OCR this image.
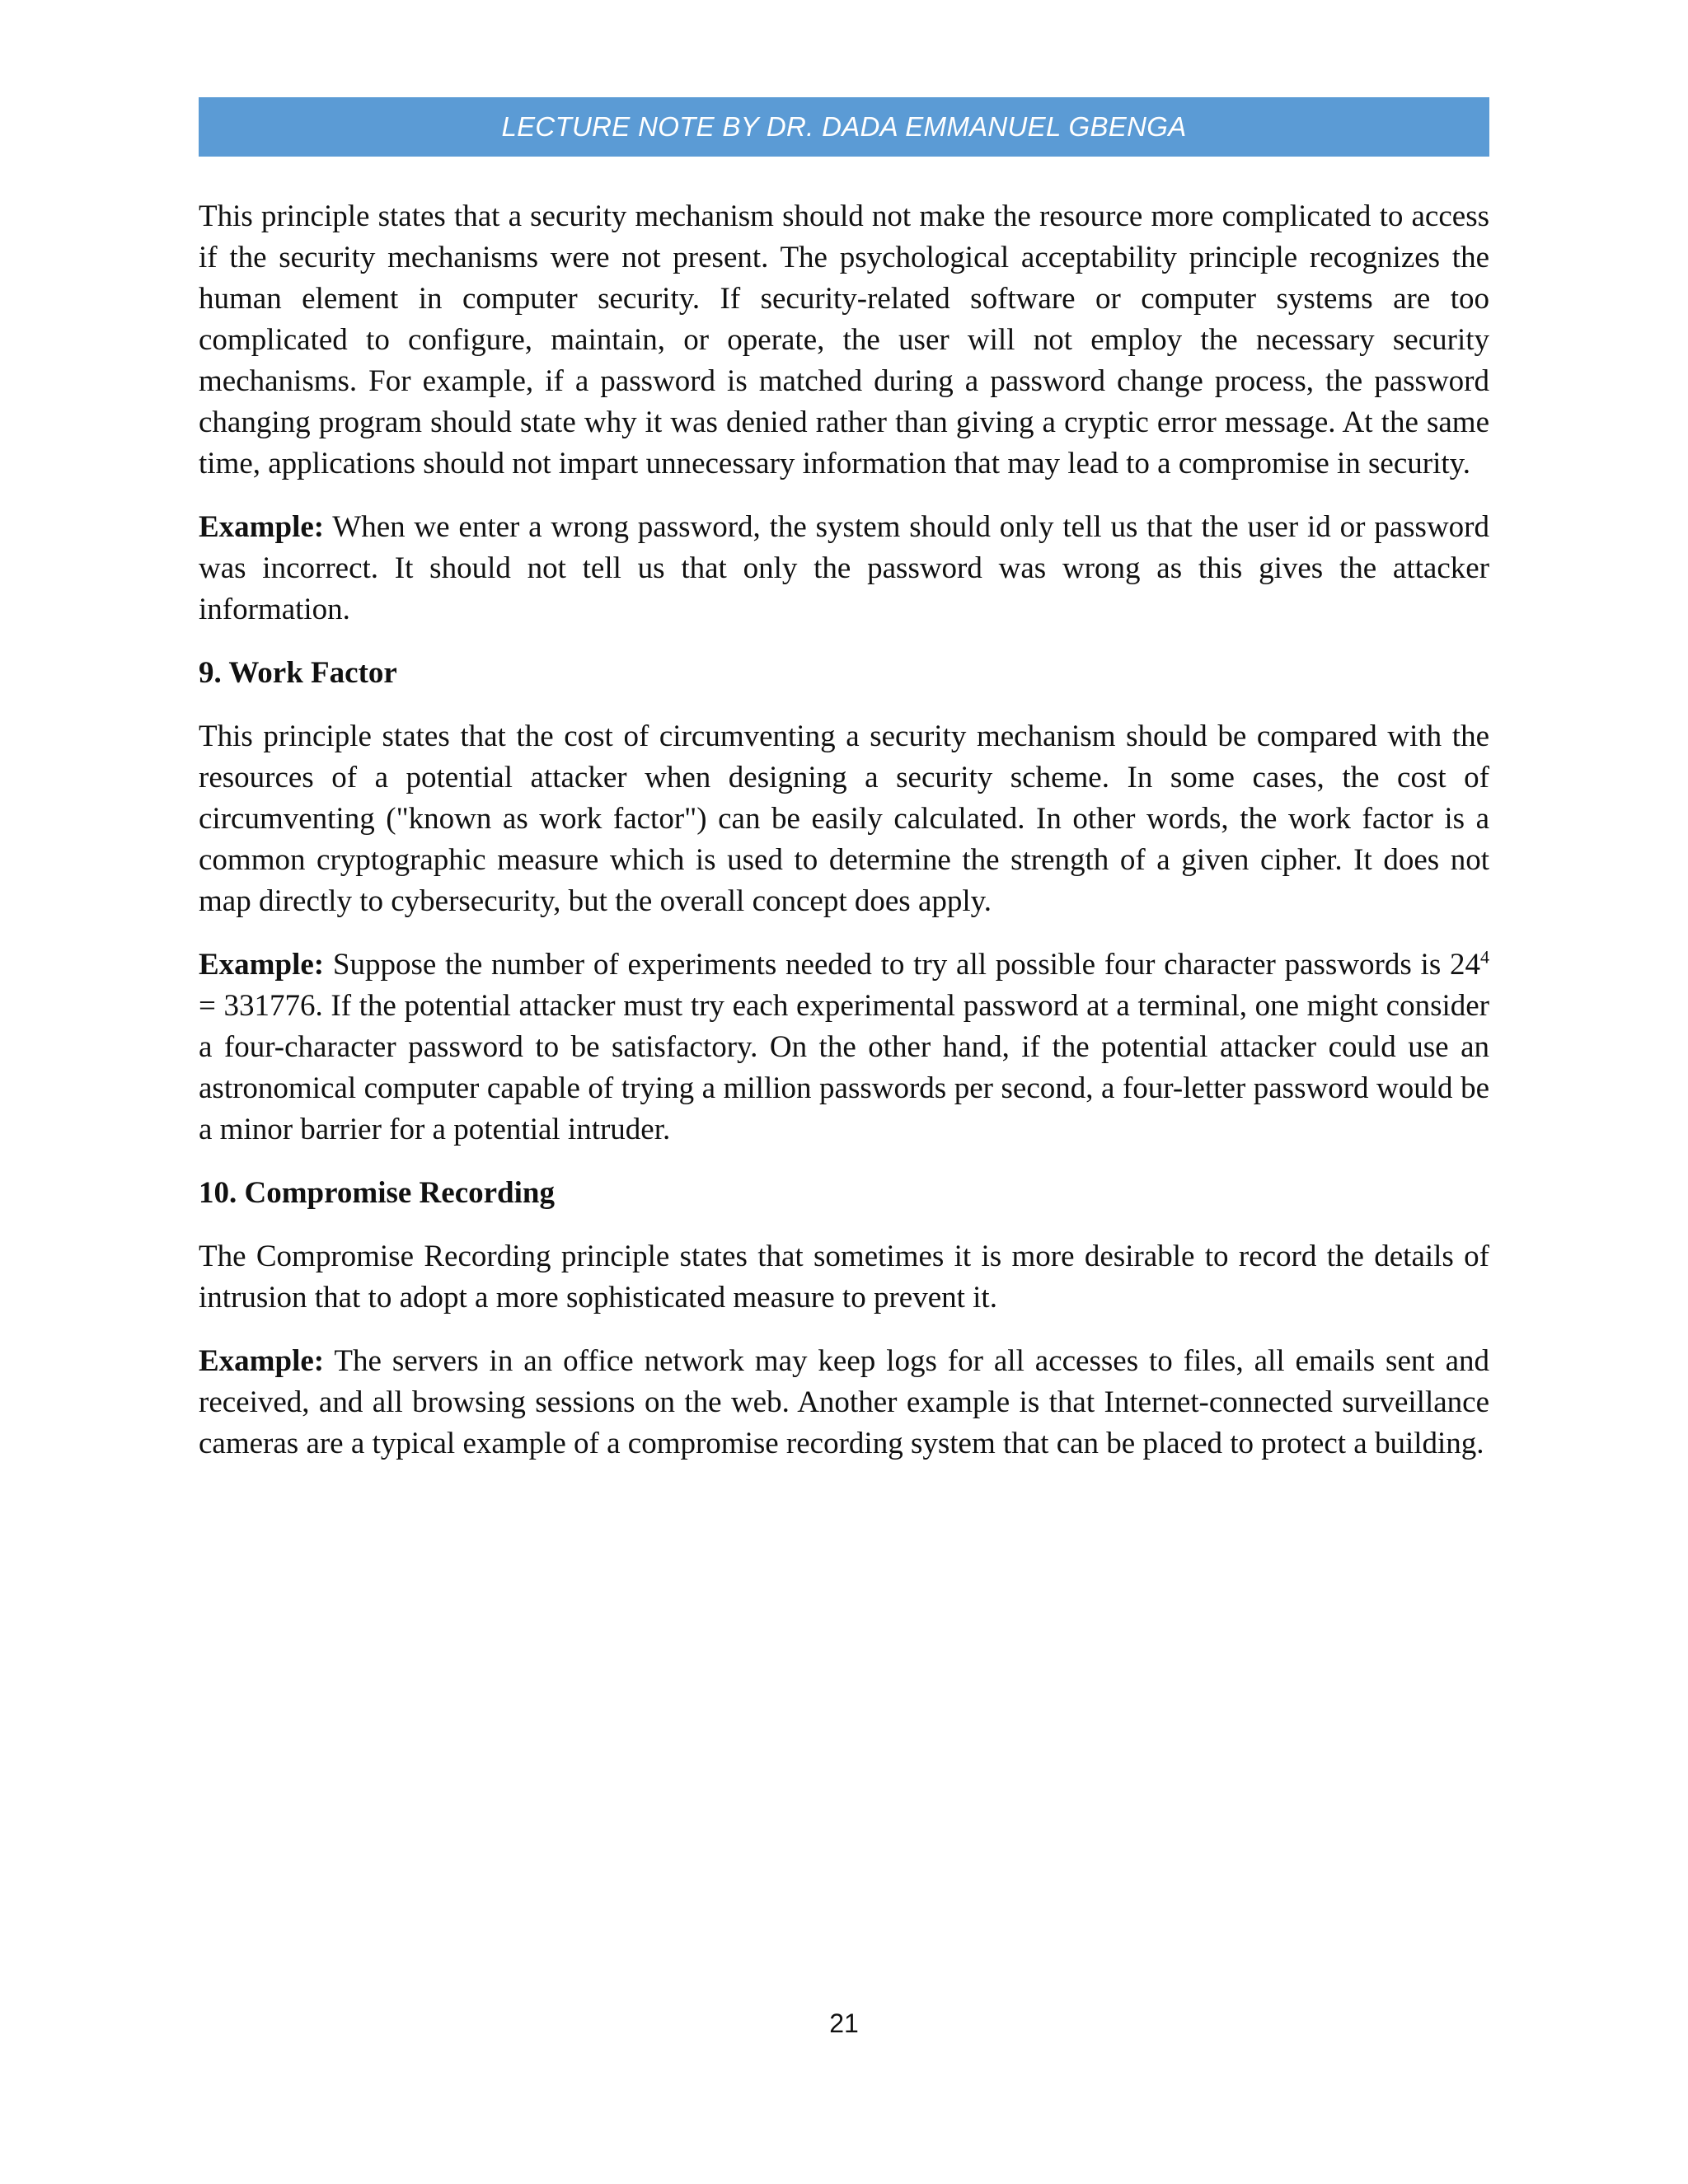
LECTURE NOTE BY DR. DADA EMMANUEL GBENGA

This principle states that a security mechanism should not make the resource more complicated to access if the security mechanisms were not present. The psychological acceptability principle recognizes the human element in computer security. If security-related software or computer systems are too complicated to configure, maintain, or operate, the user will not employ the necessary security mechanisms. For example, if a password is matched during a password change process, the password changing program should state why it was denied rather than giving a cryptic error message. At the same time, applications should not impart unnecessary information that may lead to a compromise in security.

Example: When we enter a wrong password, the system should only tell us that the user id or password was incorrect. It should not tell us that only the password was wrong as this gives the attacker information.

9. Work Factor

This principle states that the cost of circumventing a security mechanism should be compared with the resources of a potential attacker when designing a security scheme. In some cases, the cost of circumventing ("known as work factor") can be easily calculated. In other words, the work factor is a common cryptographic measure which is used to determine the strength of a given cipher. It does not map directly to cybersecurity, but the overall concept does apply.

Example: Suppose the number of experiments needed to try all possible four character passwords is $24^4 = 331776$. If the potential attacker must try each experimental password at a terminal, one might consider a four-character password to be satisfactory. On the other hand, if the potential attacker could use an astronomical computer capable of trying a million passwords per second, a four-letter password would be a minor barrier for a potential intruder.

10. Compromise Recording

The Compromise Recording principle states that sometimes it is more desirable to record the details of intrusion that to adopt a more sophisticated measure to prevent it.

Example: The servers in an office network may keep logs for all accesses to files, all emails sent and received, and all browsing sessions on the web. Another example is that Internet-connected surveillance cameras are a typical example of a compromise recording system that can be placed to protect a building.

21
